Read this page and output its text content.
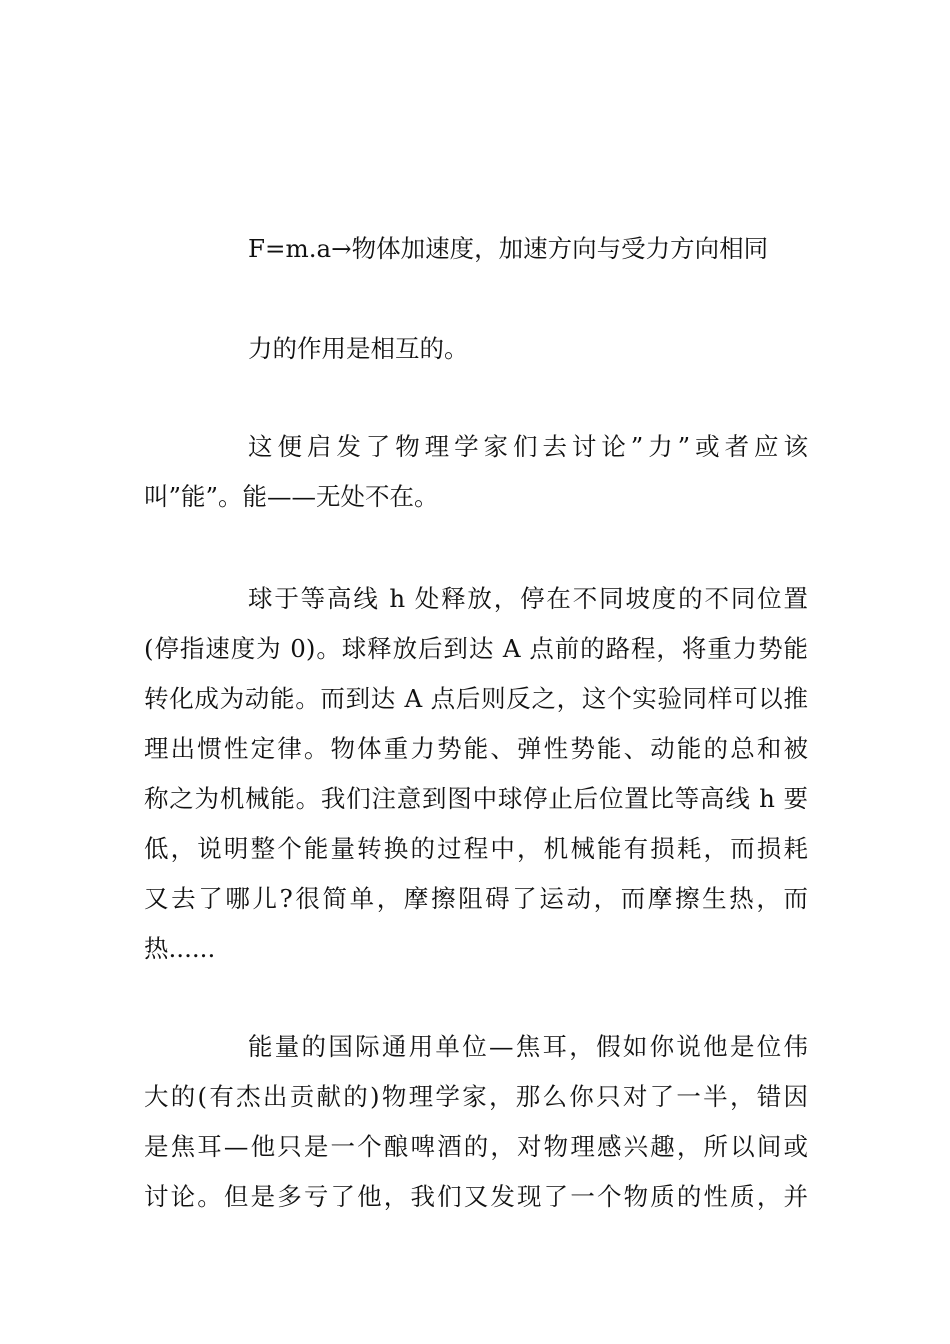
F=m.a→物体加速度，加速方向与受力方向相同
力的作用是相互的。
这便启发了物理学家们去讨论”力”或者应该
叫”能”。能——无处不在。
球于等高线 h 处释放，停在不同坡度的不同位置
(停指速度为 0)。球释放后到达 A 点前的路程，将重力势能
转化成为动能。而到达 A 点后则反之，这个实验同样可以推
理出惯性定律。物体重力势能、弹性势能、动能的总和被
称之为机械能。我们注意到图中球停止后位置比等高线 h 要
低，说明整个能量转换的过程中，机械能有损耗，而损耗
又去了哪儿?很简单，摩擦阻碍了运动，而摩擦生热，而
热......
能量的国际通用单位—焦耳，假如你说他是位伟
大的(有杰出贡献的)物理学家，那么你只对了一半，错因
是焦耳—他只是一个酿啤酒的，对物理感兴趣，所以间或
讨论。但是多亏了他，我们又发现了一个物质的性质，并
